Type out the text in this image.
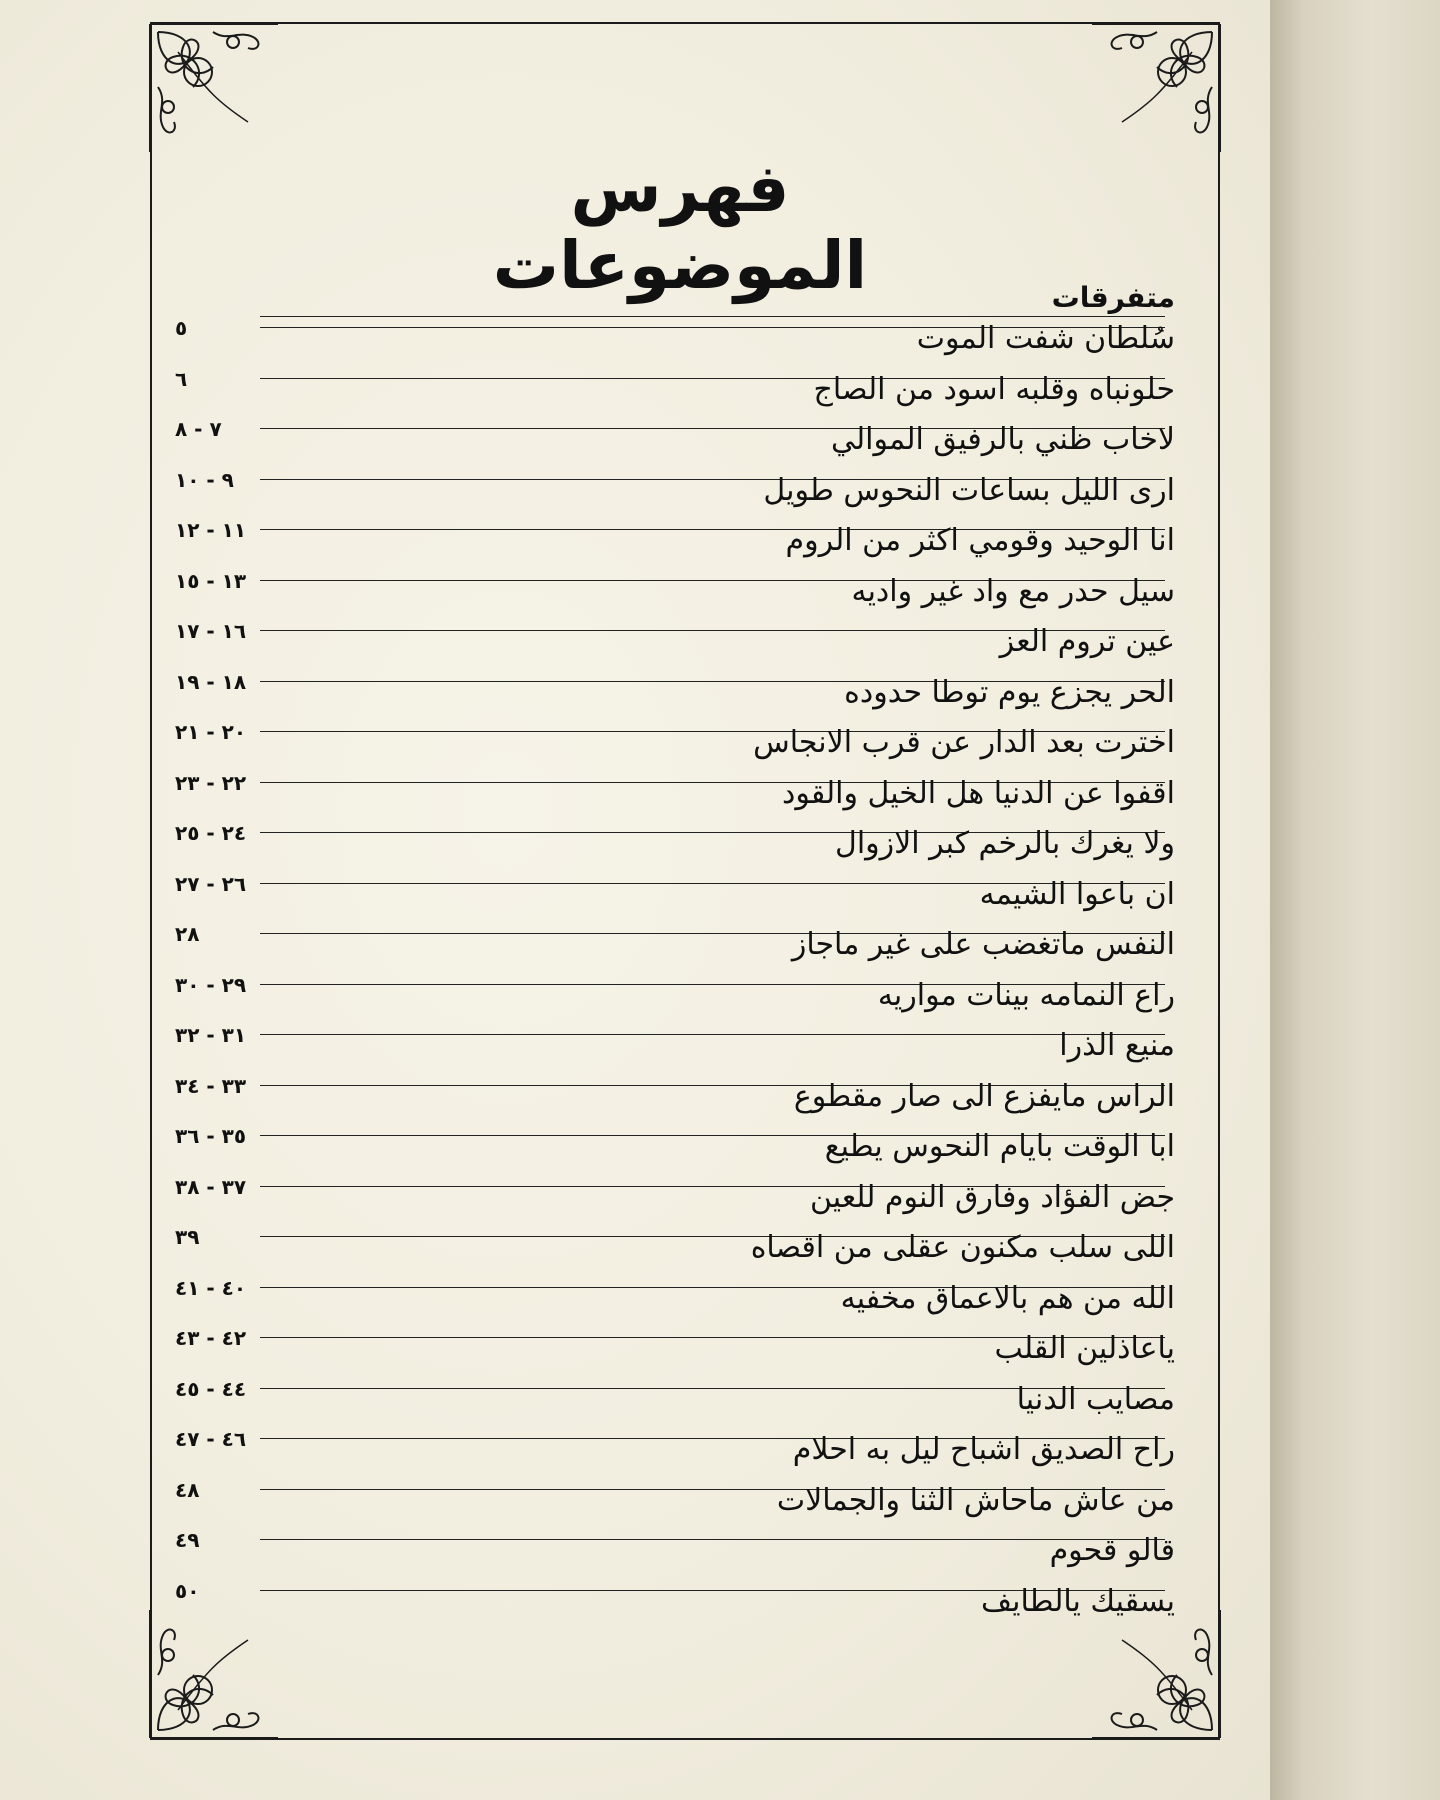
فهرس الموضوعات	متفرقات
٥	سُلطان شفت الموت
٦	حلونباه وقلبه اسود من الصاج
٧ - ٨	لاخاب ظني بالرفيق الموالي
٩ - ١٠	ارى الليل بساعات النحوس طويل
١١ - ١٢	انا الوحيد وقومي اكثر من الروم
١٣ - ١٥	سيل حدر مع واد غير واديه
١٦ - ١٧	عين تروم العز
١٨ - ١٩	الحر يجزع يوم توطا حدوده
٢٠ - ٢١	اخترت بعد الدار عن قرب الانجاس
٢٢ - ٢٣	اقفوا عن الدنيا هل الخيل والقود
٢٤ - ٢٥	ولا يغرك بالرخم كبر الازوال
٢٦ - ٢٧	ان باعوا الشيمه
٢٨	النفس ماتغضب على غير ماجاز
٢٩ - ٣٠	راع النمامه بينات مواريه
٣١ - ٣٢	منيع الذرا
٣٣ - ٣٤	الراس مايفزع الى صار مقطوع
٣٥ - ٣٦	ابا الوقت بايام النحوس يطيع
٣٧ - ٣٨	جض الفؤاد وفارق النوم للعين
٣٩	اللى سلب مكنون عقلى من اقصاه
٤٠ - ٤١	الله من هم بالاعماق مخفيه
٤٢ - ٤٣	ياعاذلين القلب
٤٤ - ٤٥	مصايب الدنيا
٤٦ - ٤٧	راح الصديق اشباح ليل به احلام
٤٨	من عاش ماحاش الثنا والجمالات
٤٩	قالو قحوم
٥٠	يسقيك يالطايف
